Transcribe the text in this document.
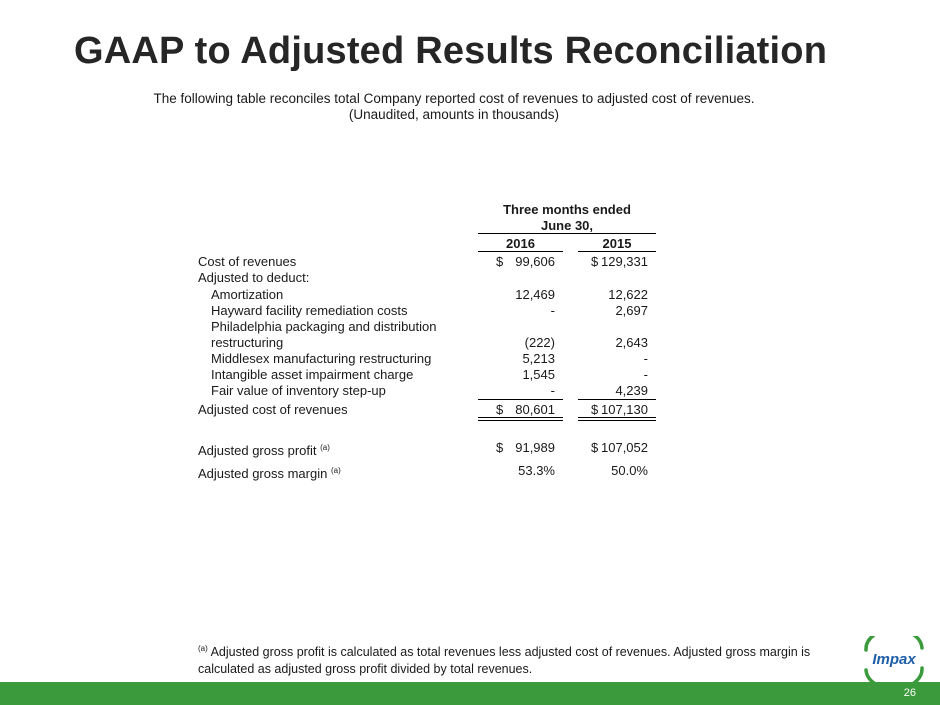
GAAP to Adjusted Results Reconciliation
The following table reconciles total Company reported cost of revenues to adjusted cost of revenues.
(Unaudited, amounts in thousands)
Three months ended
June 30,
2016	2015
Cost of revenues	$ 99,606	$ 129,331
Adjusted to deduct:
Amortization	12,469	12,622
Hayward facility remediation costs	-	2,697
Philadelphia packaging and distribution
restructuring	(222)	2,643
Middlesex manufacturing restructuring	5,213	-
Intangible asset impairment charge	1,545	-
Fair value of inventory step-up	-	4,239
Adjusted cost of revenues	$ 80,601	$ 107,130
Adjusted gross profit $^{(a)}$	$ 91,989	$ 107,052
Adjusted gross margin $^{(a)}$	53.3%	50.0%
$^{(a)}$ Adjusted gross profit is calculated as total revenues less adjusted cost of revenues. Adjusted gross margin is calculated as adjusted gross profit divided by total revenues.
Impax
26
